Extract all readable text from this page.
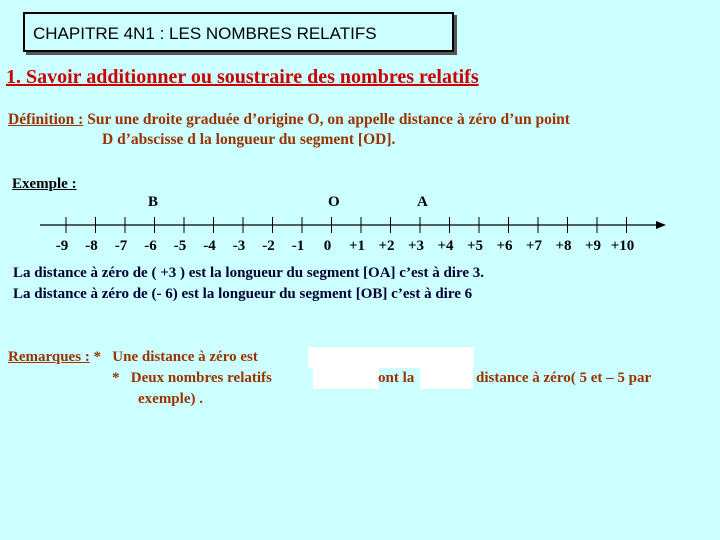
CHAPITRE 4N1 : LES NOMBRES RELATIFS
1. Savoir additionner ou soustraire des nombres relatifs
Définition : Sur une droite graduée d’origine O, on appelle distance à zéro d’un point
D d’abscisse d la longueur du segment [OD].
Exemple :
B	O	A
-9 -8 -7 -6 -5 -4 -3 -2 -1 0 +1 +2 +3 +4 +5 +6 +7 +8 +9 +10
La distance à zéro de ( +3 ) est la longueur du segment [OA] c’est à dire 3.
La distance à zéro de (- 6) est la longueur du segment [OB] c’est à dire 6
Remarques : * Une distance à zéro est
* Deux nombres relatifs
exemple) .
ont la	distance à zéro( 5 et – 5 par
